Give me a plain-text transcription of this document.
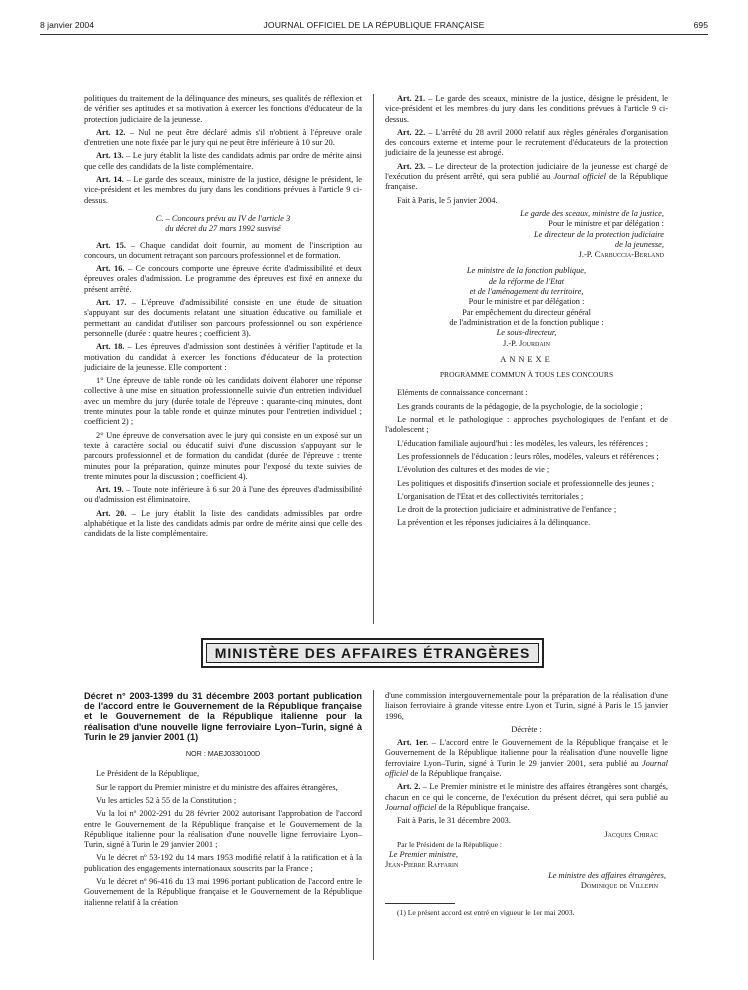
8 janvier 2004	JOURNAL OFFICIEL DE LA RÉPUBLIQUE FRANÇAISE	695

politiques du traitement de la délinquance des mineurs, ses qualités de réflexion et de vérifier ses aptitudes et sa motivation à exercer les fonctions d'éducateur de la protection judiciaire de la jeunesse.

Art. 12. – Nul ne peut être déclaré admis s'il n'obtient à l'épreuve orale d'entretien une note fixée par le jury qui ne peut être inférieure à 10 sur 20.

Art. 13. – Le jury établit la liste des candidats admis par ordre de mérite ainsi que celle des candidats de la liste complémentaire.

Art. 14. – Le garde des sceaux, ministre de la justice, désigne le président, le vice-président et les membres du jury dans les conditions prévues à l'article 9 ci-dessus.

C. – Concours prévu au IV de l'article 3
du décret du 27 mars 1992 susvisé

Art. 15. – Chaque candidat doit fournir, au moment de l'inscription au concours, un document retraçant son parcours professionnel et de formation.

Art. 16. – Ce concours comporte une épreuve écrite d'admissibilité et deux épreuves orales d'admission. Le programme des épreuves est fixé en annexe du présent arrêté.

Art. 17. – L'épreuve d'admissibilité consiste en une étude de situation s'appuyant sur des documents relatant une situation éducative ou familiale et permettant au candidat d'utiliser son parcours professionnel ou son expérience personnelle (durée : quatre heures ; coefficient 3).

Art. 18. – Les épreuves d'admission sont destinées à vérifier l'aptitude et la motivation du candidat à exercer les fonctions d'éducateur de la protection judiciaire de la jeunesse. Elle comportent :

1° Une épreuve de table ronde où les candidats doivent élaborer une réponse collective à une mise en situation professionnelle suivie d'un entretien individuel avec un membre du jury (durée totale de l'épreuve : quarante-cinq minutes, dont trente minutes pour la table ronde et quinze minutes pour l'entretien individuel ; coefficient 2) ;

2° Une épreuve de conversation avec le jury qui consiste en un exposé sur un texte à caractère social ou éducatif suivi d'une discussion s'appuyant sur le parcours professionnel et de formation du candidat (durée de l'épreuve : trente minutes pour la préparation, quinze minutes pour l'exposé du texte suivies de trente minutes pour la discussion ; coefficient 4).

Art. 19. – Toute note inférieure à 6 sur 20 à l'une des épreuves d'admissibilité ou d'admission est éliminatoire.

Art. 20. – Le jury établit la liste des candidats admissibles par ordre alphabétique et la liste des candidats admis par ordre de mérite ainsi que celle des candidats de la liste complémentaire.

Art. 21. – Le garde des sceaux, ministre de la justice, désigne le président, le vice-président et les membres du jury dans les conditions prévues à l'article 9 ci-dessus.

Art. 22. – L'arrêté du 28 avril 2000 relatif aux règles générales d'organisation des concours externe et interne pour le recrutement d'éducateurs de la protection judiciaire de la jeunesse est abrogé.

Art. 23. – Le directeur de la protection judiciaire de la jeunesse est chargé de l'exécution du présent arrêté, qui sera publié au Journal officiel de la République française.

Fait à Paris, le 5 janvier 2004.

Le garde des sceaux, ministre de la justice,
Pour le ministre et par délégation :
Le directeur de la protection judiciaire
de la jeunesse,
J.-P. Carbuccia-Berland
Le ministre de la fonction publique,
de la réforme de l'Etat
et de l'aménagement du territoire,
Pour le ministre et par délégation :
Par empêchement du directeur général
de l'administration et de la fonction publique :
Le sous-directeur,
J.-P. Jourdain
ANNEXE
PROGRAMME COMMUN À TOUS LES CONCOURS

Eléments de connaissance concernant :

Les grands courants de la pédagogie, de la psychologie, de la sociologie ;

Le normal et le pathologique : approches psychologiques de l'enfant et de l'adolescent ;

L'éducation familiale aujourd'hui : les modèles, les valeurs, les références ;

Les professionnels de l'éducation : leurs rôles, modèles, valeurs et références ;

L'évolution des cultures et des modes de vie ;

Les politiques et dispositifs d'insertion sociale et professionnelle des jeunes ;

L'organisation de l'Etat et des collectivités territoriales ;

Le droit de la protection judiciaire et administrative de l'enfance ;

La prévention et les réponses judiciaires à la délinquance.

MINISTÈRE DES AFFAIRES ÉTRANGÈRES
Décret n° 2003-1399 du 31 décembre 2003 portant publication de l'accord entre le Gouvernement de la République française et le Gouvernement de la République italienne pour la réalisation d'une nouvelle ligne ferroviaire Lyon–Turin, signé à Turin le 29 janvier 2001 (1)
NOR : MAEJ0330100D

Le Président de la République,

Sur le rapport du Premier ministre et du ministre des affaires étrangères,

Vu les articles 52 à 55 de la Constitution ;

Vu la loi nº 2002-291 du 28 février 2002 autorisant l'approbation de l'accord entre le Gouvernement de la République française et le Gouvernement de la République italienne pour la réalisation d'une nouvelle ligne ferroviaire Lyon–Turin, signé à Turin le 29 janvier 2001 ;

Vu le décret nº 53-192 du 14 mars 1953 modifié relatif à la ratification et à la publication des engagements internationaux souscrits par la France ;

Vu le décret nº 96-416 du 13 mai 1996 portant publication de l'accord entre le Gouvernement de la République française et le Gouvernement de la République italienne relatif à la création

d'une commission intergouvernementale pour la préparation de la réalisation d'une liaison ferroviaire à grande vitesse entre Lyon et Turin, signé à Paris le 15 janvier 1996,

Décrète :

Art. 1er. – L'accord entre le Gouvernement de la République française et le Gouvernement de la République italienne pour la réalisation d'une nouvelle ligne ferroviaire Lyon–Turin, signé à Turin le 29 janvier 2001, sera publié au Journal officiel de la République française.

Art. 2. – Le Premier ministre et le ministre des affaires étrangères sont chargés, chacun en ce qui le concerne, de l'exécution du présent décret, qui sera publié au Journal officiel de la République française.

Fait à Paris, le 31 décembre 2003.

Jacques Chirac
Par le Président de la République :
Le Premier ministre,
Jean-Pierre Raffarin
Le ministre des affaires étrangères,
Dominique de Villepin
(1) Le présent accord est entré en vigueur le 1er mai 2003.
